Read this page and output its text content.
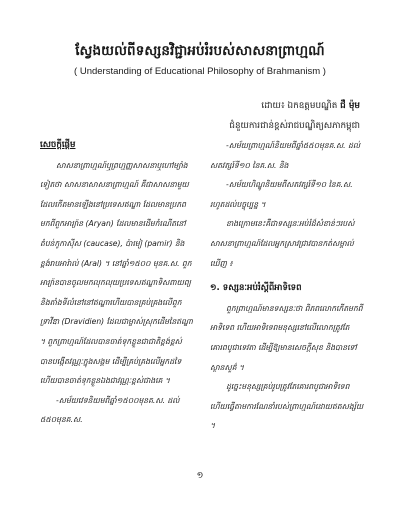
ស្វែងយល់ពីទស្សនវិជ្ជាអប់រំរបស់សាសនាព្រាហ្មណ៍
( Understanding of Educational Philosophy of Brahmanism )
ដោយ៖ ឯកឧត្តមបណ្ឌិត ជឺ ម៉ុម
ជំនួយការជាន់ខ្ពស់រាជបណ្ឌិត្យសភាកម្ពុជា

សេចក្តីផ្តើម

សាសនាព្រាហ្មណ៍ឬព្រហ្មញ្ញសាសនាឬហៅម្យ៉ាងទៀតថា សាសនាសាសនាព្រាហ្មណ៍ គឺជាសាសនាមួយដែលកើតមានឡើងនៅប្រទេសឥណ្ឌា ដែលមានប្រភពមកពីពួកអារ្យ៉ាន (Aryan) ដែលមានដើមកំណើតនៅតំបន់កូកាស៊ីស (caucase), ប៉ាមៀ (pamir) និងខ្ពង់រាបអារ៉ាល់ (Aral) ។ នៅឆ្នាំ១៥០០ មុនគ.ស. ពួកអារ្យ៉ានបានចូលមកលុកលុយប្រទេសឥណ្ឌាទិសពាយព្យ និងតាំងទីលំនៅនៅឥណ្ឌាហើយបានគ្រប់គ្រងលើពួកទ្រាវីឌា (Dravidien) ដែលជាម្ចាស់ស្រុកដើមនៃឥណ្ឌា ។ ពួកព្រាហ្មណ៍ដែលបានចាត់ទុកខ្លួនជាជាតិខ្ពង់ខ្ពស់ បានបង្កើតវណ្ណៈក្នុងសង្គម ដើម្បីគ្រប់គ្រងលើអ្នកដទៃ ហើយបានចាត់ទុកខ្លួនឯងជាវណ្ណៈខ្ពស់ជាងគេ ។

-សម័យវេទនិយមពីឆ្នាំ១៥០០មុនគ.ស. ដល់ ៥៥០មុនគ.ស.

-សម័យព្រាហ្មណ៍និយមពីឆ្នាំ៥៥០មុនគ.ស. ដល់សតវត្សរ៍ទី១០ នៃគ.ស. និង

-សម័យហិណ្ឌូនិយមពីសតវត្សរ៍ទី១០ នៃគ.ស. រហូតដល់បច្ចុប្បន្ន ។

ខាងក្រោមនេះគឺជាទស្សនៈអប់រំដ៏សំខាន់ៗរបស់សាសនាព្រាហ្មណ៍ដែលអ្នកស្រាវជ្រាវបានកត់សម្គាល់ឃើញ ៖

១. ទស្សនៈអប់រំស្តីពីអាទិទេព

ពួកព្រាហ្មណ៍មានទស្សនៈថា ពិភពលោកកើតមកពីអាទិទេព ហើយអាទិទេពមនុស្សនៅលើលោកត្រូវតែគោរពបូជាទេវតា ដើម្បីឱ្យមានសេចក្តីសុខ និងបានទៅស្ថានសួគ៌ ។

ដូច្នេះមនុស្សគ្រប់រូបត្រូវតែគោរពបូជាអាទិទេព ហើយធ្វើតាមការណែនាំរបស់ព្រាហ្មណ៍ដោយឥតសង្ស័យ ។

១
